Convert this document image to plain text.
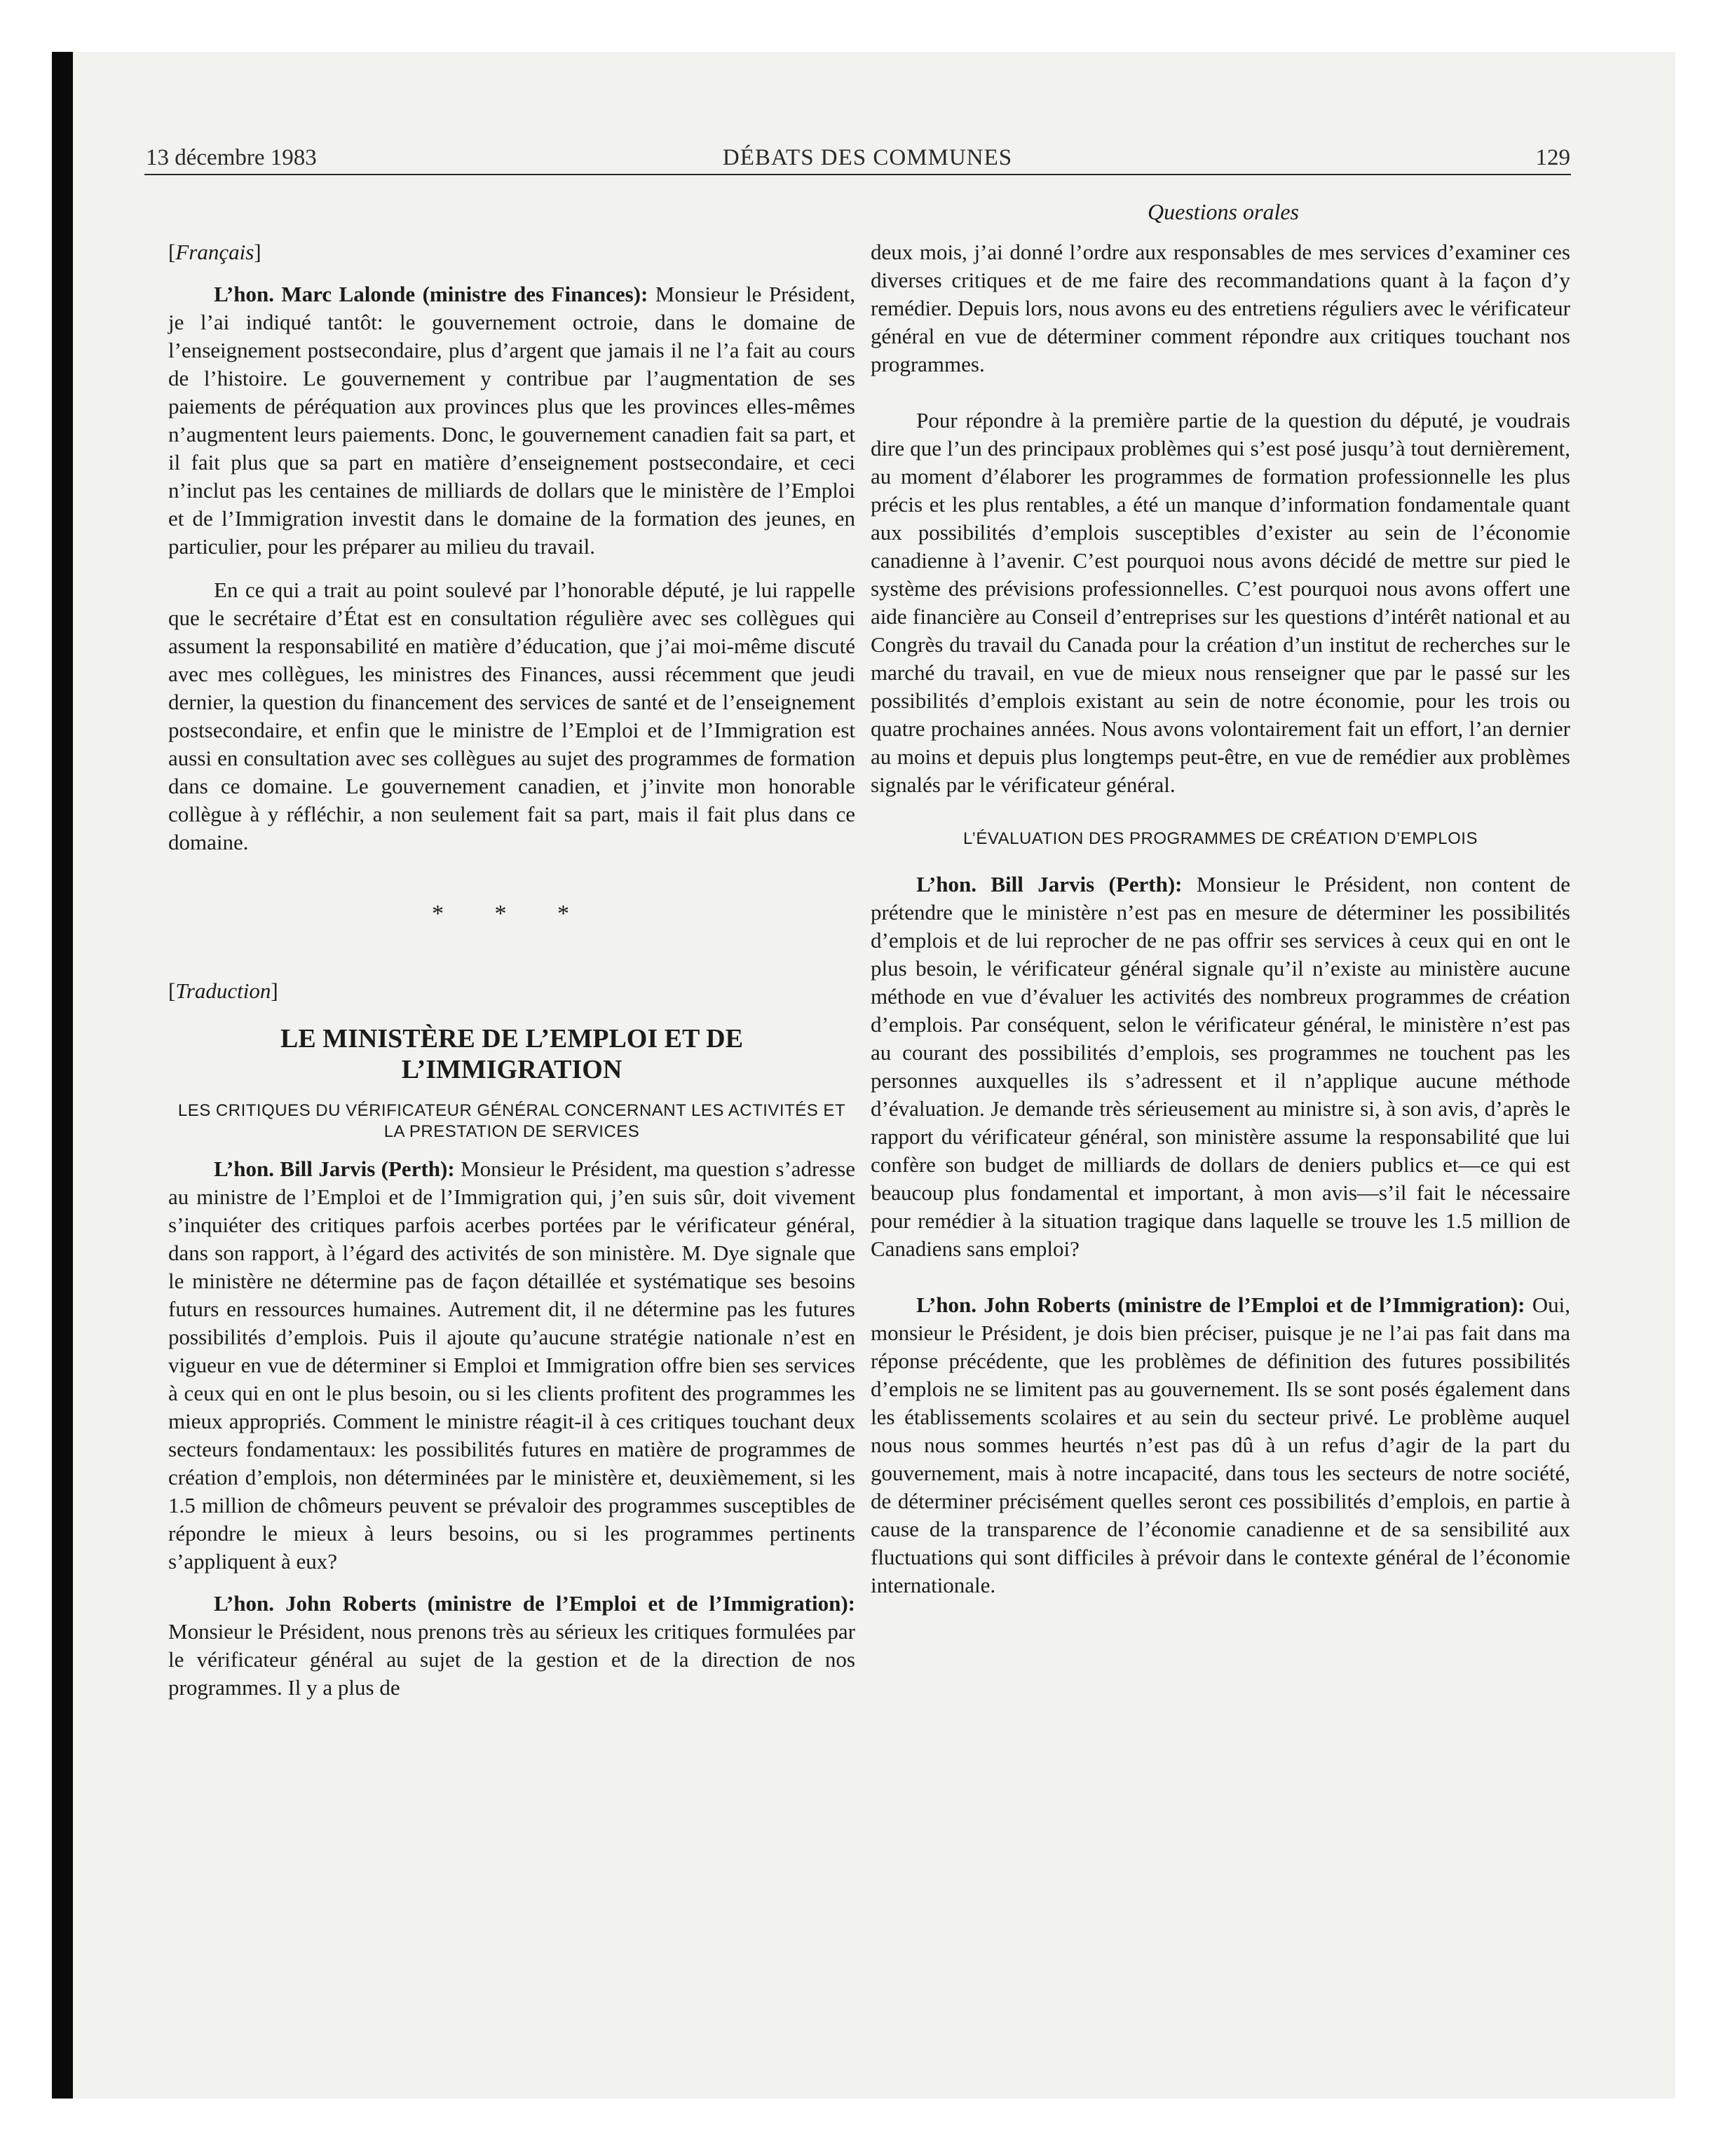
13 décembre 1983	DÉBATS DES COMMUNES	129
Questions orales

[Français]

L’hon. Marc Lalonde (ministre des Finances): Monsieur le Président, je l’ai indiqué tantôt: le gouvernement octroie, dans le domaine de l’enseignement postsecondaire, plus d’argent que jamais il ne l’a fait au cours de l’histoire. Le gouvernement y contribue par l’augmentation de ses paiements de péréquation aux provinces plus que les provinces elles-mêmes n’augmentent leurs paiements. Donc, le gouvernement canadien fait sa part, et il fait plus que sa part en matière d’enseignement postsecondaire, et ceci n’inclut pas les centaines de milliards de dollars que le ministère de l’Emploi et de l’Immigration investit dans le domaine de la formation des jeunes, en particulier, pour les préparer au milieu du travail.

En ce qui a trait au point soulevé par l’honorable député, je lui rappelle que le secrétaire d’État est en consultation régulière avec ses collègues qui assument la responsabilité en matière d’éducation, que j’ai moi-même discuté avec mes collègues, les ministres des Finances, aussi récemment que jeudi dernier, la question du financement des services de santé et de l’enseignement postsecondaire, et enfin que le ministre de l’Emploi et de l’Immigration est aussi en consultation avec ses collègues au sujet des programmes de formation dans ce domaine. Le gouvernement canadien, et j’invite mon honorable collègue à y réfléchir, a non seulement fait sa part, mais il fait plus dans ce domaine.

* * *

[Traduction]

LE MINISTÈRE DE L’EMPLOI ET DE L’IMMIGRATION
LES CRITIQUES DU VÉRIFICATEUR GÉNÉRAL CONCERNANT LES ACTIVITÉS ET LA PRESTATION DE SERVICES

L’hon. Bill Jarvis (Perth): Monsieur le Président, ma question s’adresse au ministre de l’Emploi et de l’Immigration qui, j’en suis sûr, doit vivement s’inquiéter des critiques parfois acerbes portées par le vérificateur général, dans son rapport, à l’égard des activités de son ministère. M. Dye signale que le ministère ne détermine pas de façon détaillée et systématique ses besoins futurs en ressources humaines. Autrement dit, il ne détermine pas les futures possibilités d’emplois. Puis il ajoute qu’aucune stratégie nationale n’est en vigueur en vue de déterminer si Emploi et Immigration offre bien ses services à ceux qui en ont le plus besoin, ou si les clients profitent des programmes les mieux appropriés. Comment le ministre réagit-il à ces critiques touchant deux secteurs fondamentaux: les possibilités futures en matière de programmes de création d’emplois, non déterminées par le ministère et, deuxièmement, si les 1.5 million de chômeurs peuvent se prévaloir des programmes susceptibles de répondre le mieux à leurs besoins, ou si les programmes pertinents s’appliquent à eux?

L’hon. John Roberts (ministre de l’Emploi et de l’Immigration): Monsieur le Président, nous prenons très au sérieux les critiques formulées par le vérificateur général au sujet de la gestion et de la direction de nos programmes. Il y a plus de

deux mois, j’ai donné l’ordre aux responsables de mes services d’examiner ces diverses critiques et de me faire des recommandations quant à la façon d’y remédier. Depuis lors, nous avons eu des entretiens réguliers avec le vérificateur général en vue de déterminer comment répondre aux critiques touchant nos programmes.

Pour répondre à la première partie de la question du député, je voudrais dire que l’un des principaux problèmes qui s’est posé jusqu’à tout dernièrement, au moment d’élaborer les programmes de formation professionnelle les plus précis et les plus rentables, a été un manque d’information fondamentale quant aux possibilités d’emplois susceptibles d’exister au sein de l’économie canadienne à l’avenir. C’est pourquoi nous avons décidé de mettre sur pied le système des prévisions professionnelles. C’est pourquoi nous avons offert une aide financière au Conseil d’entreprises sur les questions d’intérêt national et au Congrès du travail du Canada pour la création d’un institut de recherches sur le marché du travail, en vue de mieux nous renseigner que par le passé sur les possibilités d’emplois existant au sein de notre économie, pour les trois ou quatre prochaines années. Nous avons volontairement fait un effort, l’an dernier au moins et depuis plus longtemps peut-être, en vue de remédier aux problèmes signalés par le vérificateur général.

L’ÉVALUATION DES PROGRAMMES DE CRÉATION D’EMPLOIS

L’hon. Bill Jarvis (Perth): Monsieur le Président, non content de prétendre que le ministère n’est pas en mesure de déterminer les possibilités d’emplois et de lui reprocher de ne pas offrir ses services à ceux qui en ont le plus besoin, le vérificateur général signale qu’il n’existe au ministère aucune méthode en vue d’évaluer les activités des nombreux programmes de création d’emplois. Par conséquent, selon le vérificateur général, le ministère n’est pas au courant des possibilités d’emplois, ses programmes ne touchent pas les personnes auxquelles ils s’adressent et il n’applique aucune méthode d’évaluation. Je demande très sérieusement au ministre si, à son avis, d’après le rapport du vérificateur général, son ministère assume la responsabilité que lui confère son budget de milliards de dollars de deniers publics et—ce qui est beaucoup plus fondamental et important, à mon avis—s’il fait le nécessaire pour remédier à la situation tragique dans laquelle se trouve les 1.5 million de Canadiens sans emploi?

L’hon. John Roberts (ministre de l’Emploi et de l’Immigration): Oui, monsieur le Président, je dois bien préciser, puisque je ne l’ai pas fait dans ma réponse précédente, que les problèmes de définition des futures possibilités d’emplois ne se limitent pas au gouvernement. Ils se sont posés également dans les établissements scolaires et au sein du secteur privé. Le problème auquel nous nous sommes heurtés n’est pas dû à un refus d’agir de la part du gouvernement, mais à notre incapacité, dans tous les secteurs de notre société, de déterminer précisément quelles seront ces possibilités d’emplois, en partie à cause de la transparence de l’économie canadienne et de sa sensibilité aux fluctuations qui sont difficiles à prévoir dans le contexte général de l’économie internationale.
